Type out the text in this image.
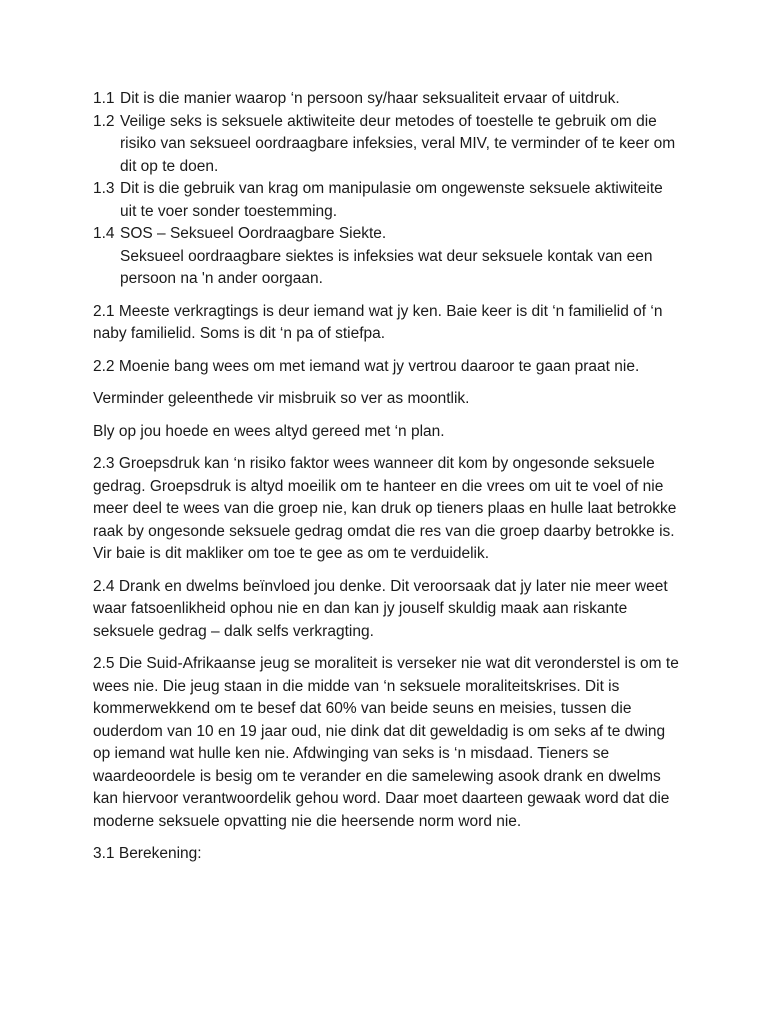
1.1 Dit is die manier waarop ‘n persoon sy/haar seksualiteit ervaar of uitdruk.

1.2 Veilige seks is seksuele aktiwiteite deur metodes of toestelle te gebruik om die risiko van seksueel oordraagbare infeksies, veral MIV, te verminder of te keer om dit op te doen.

1.3 Dit is die gebruik van krag om manipulasie om ongewenste seksuele aktiwiteite uit te voer sonder toestemming.

1.4 SOS – Seksueel Oordraagbare Siekte.

Seksueel oordraagbare siektes is infeksies wat deur seksuele kontak van een persoon na 'n ander oorgaan.

2.1 Meeste verkragtings is deur iemand wat jy ken. Baie keer is dit ‘n familielid of ‘n naby familielid. Soms is dit ‘n pa of stiefpa.

2.2 Moenie bang wees om met iemand wat jy vertrou daaroor te gaan praat nie.

Verminder geleenthede vir misbruik so ver as moontlik.

Bly op jou hoede en wees altyd gereed met ‘n plan.

2.3 Groepsdruk kan ‘n risiko faktor wees wanneer dit kom by ongesonde seksuele gedrag. Groepsdruk is altyd moeilik om te hanteer en die vrees om uit te voel of nie meer deel te wees van die groep nie, kan druk op tieners plaas en hulle laat betrokke raak by ongesonde seksuele gedrag omdat die res van die groep daarby betrokke is. Vir baie is dit makliker om toe te gee as om te verduidelik.

2.4 Drank en dwelms beïnvloed jou denke. Dit veroorsaak dat jy later nie meer weet waar fatsoenlikheid ophou nie en dan kan jy jouself skuldig maak aan riskante seksuele gedrag – dalk selfs verkragting.

2.5 Die Suid-Afrikaanse jeug se moraliteit is verseker nie wat dit veronderstel is om te wees nie. Die jeug staan in die midde van ‘n seksuele moraliteitskrises. Dit is kommerwekkend om te besef dat 60% van beide seuns en meisies, tussen die ouderdom van 10 en 19 jaar oud, nie dink dat dit geweldadig is om seks af te dwing op iemand wat hulle ken nie. Afdwinging van seks is ‘n misdaad. Tieners se waardeoordele is besig om te verander en die samelewing asook drank en dwelms kan hiervoor verantwoordelik gehou word. Daar moet daarteen gewaak word dat die moderne seksuele opvatting nie die heersende norm word nie.

3.1 Berekening:
